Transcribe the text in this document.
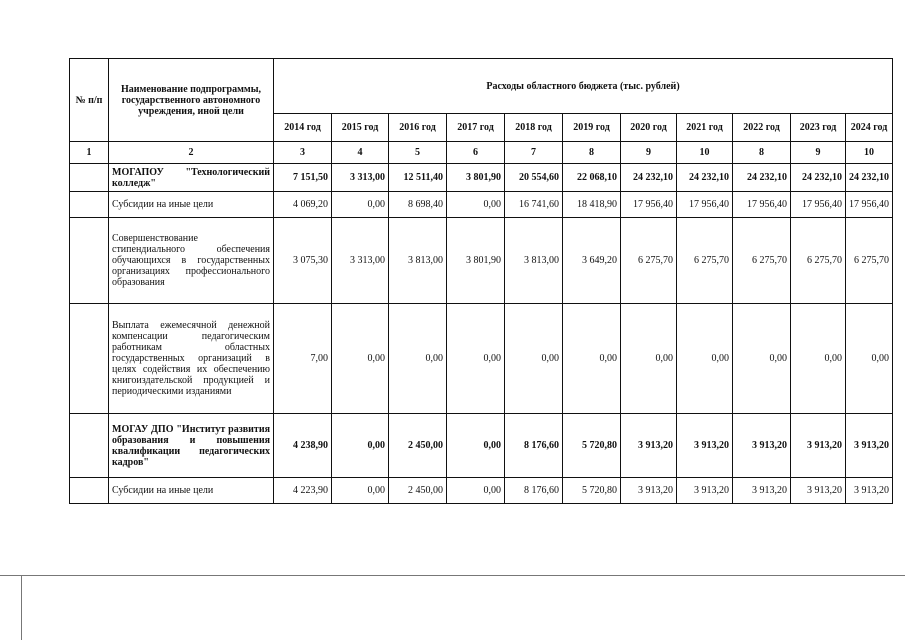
№ п/п	Наименование подпрограммы, государственного автономного учреждения, иной цели	Расходы областного бюджета (тыс. рублей)										
		2014 год	2015 год	2016 год	2017 год	2018 год	2019 год	2020 год	2021 год	2022 год	2023 год	2024 год
1	2	3	4	5	6	7	8	9	10	8	9	10
	МОГАПОУ "Технологический колледж"	7 151,50	3 313,00	12 511,40	3 801,90	20 554,60	22 068,10	24 232,10	24 232,10	24 232,10	24 232,10	24 232,10
	Субсидии на иные цели	4 069,20	0,00	8 698,40	0,00	16 741,60	18 418,90	17 956,40	17 956,40	17 956,40	17 956,40	17 956,40
	Совершенствование стипендиального обеспечения обучающихся в государственных организациях профессионального образования	3 075,30	3 313,00	3 813,00	3 801,90	3 813,00	3 649,20	6 275,70	6 275,70	6 275,70	6 275,70	6 275,70
	Выплата ежемесячной денежной компенсации педагогическим работникам областных государственных организаций в целях содействия их обеспечению книгоиздательской продукцией и периодическими изданиями	7,00	0,00	0,00	0,00	0,00	0,00	0,00	0,00	0,00	0,00	0,00
	МОГАУ ДПО "Институт развития образования и повышения квалификации педагогических кадров"	4 238,90	0,00	2 450,00	0,00	8 176,60	5 720,80	3 913,20	3 913,20	3 913,20	3 913,20	3 913,20
	Субсидии на иные цели	4 223,90	0,00	2 450,00	0,00	8 176,60	5 720,80	3 913,20	3 913,20	3 913,20	3 913,20	3 913,20
